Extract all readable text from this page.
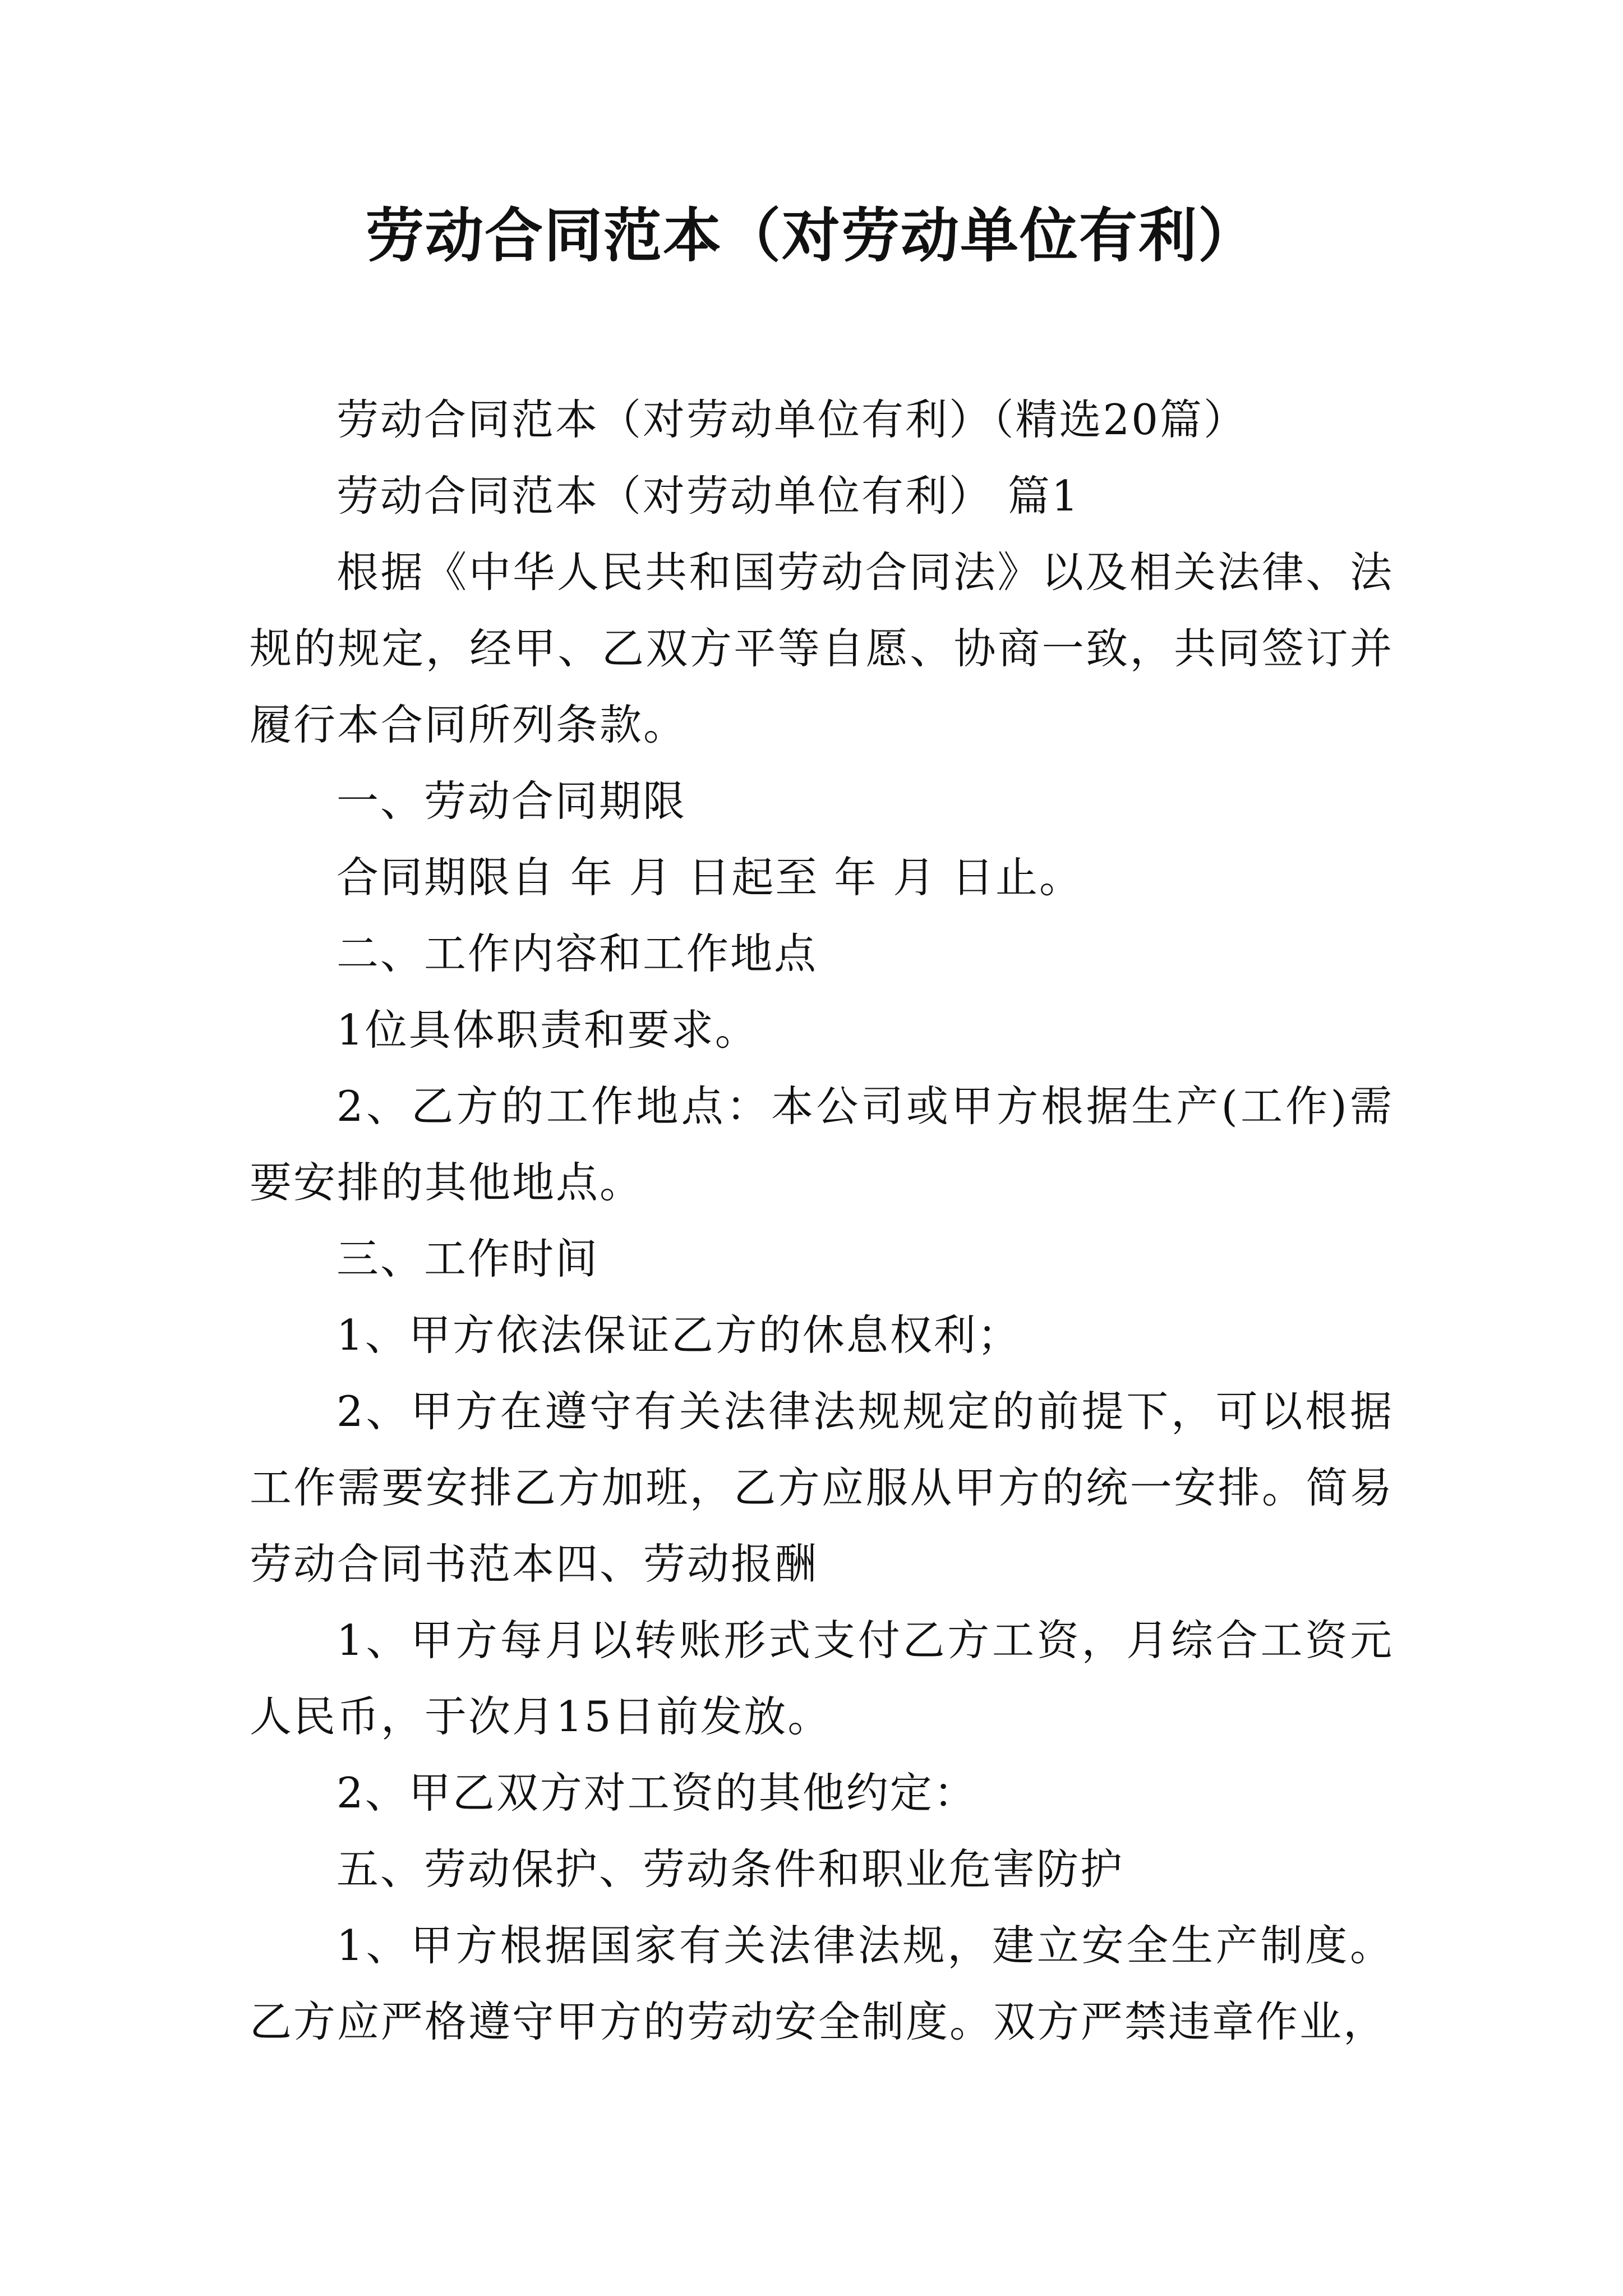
劳动合同范本（对劳动单位有利）

劳动合同范本（对劳动单位有利）（精选20篇）

劳动合同范本（对劳动单位有利） 篇1

根据《中华人民共和国劳动合同法》以及相关法律、法规的规定，经甲、乙双方平等自愿、协商一致，共同签订并履行本合同所列条款。

一、劳动合同期限

合同期限自 年 月 日起至 年 月 日止。

二、工作内容和工作地点

1位具体职责和要求。

2、乙方的工作地点：本公司或甲方根据生产(工作)需要安排的其他地点。

三、工作时间

1、甲方依法保证乙方的休息权利；

2、甲方在遵守有关法律法规规定的前提下，可以根据工作需要安排乙方加班，乙方应服从甲方的统一安排。简易劳动合同书范本四、劳动报酬

1、甲方每月以转账形式支付乙方工资，月综合工资元人民币，于次月15日前发放。

2、甲乙双方对工资的其他约定：

五、劳动保护、劳动条件和职业危害防护

1、甲方根据国家有关法律法规，建立安全生产制度。乙方应严格遵守甲方的劳动安全制度。双方严禁违章作业，
